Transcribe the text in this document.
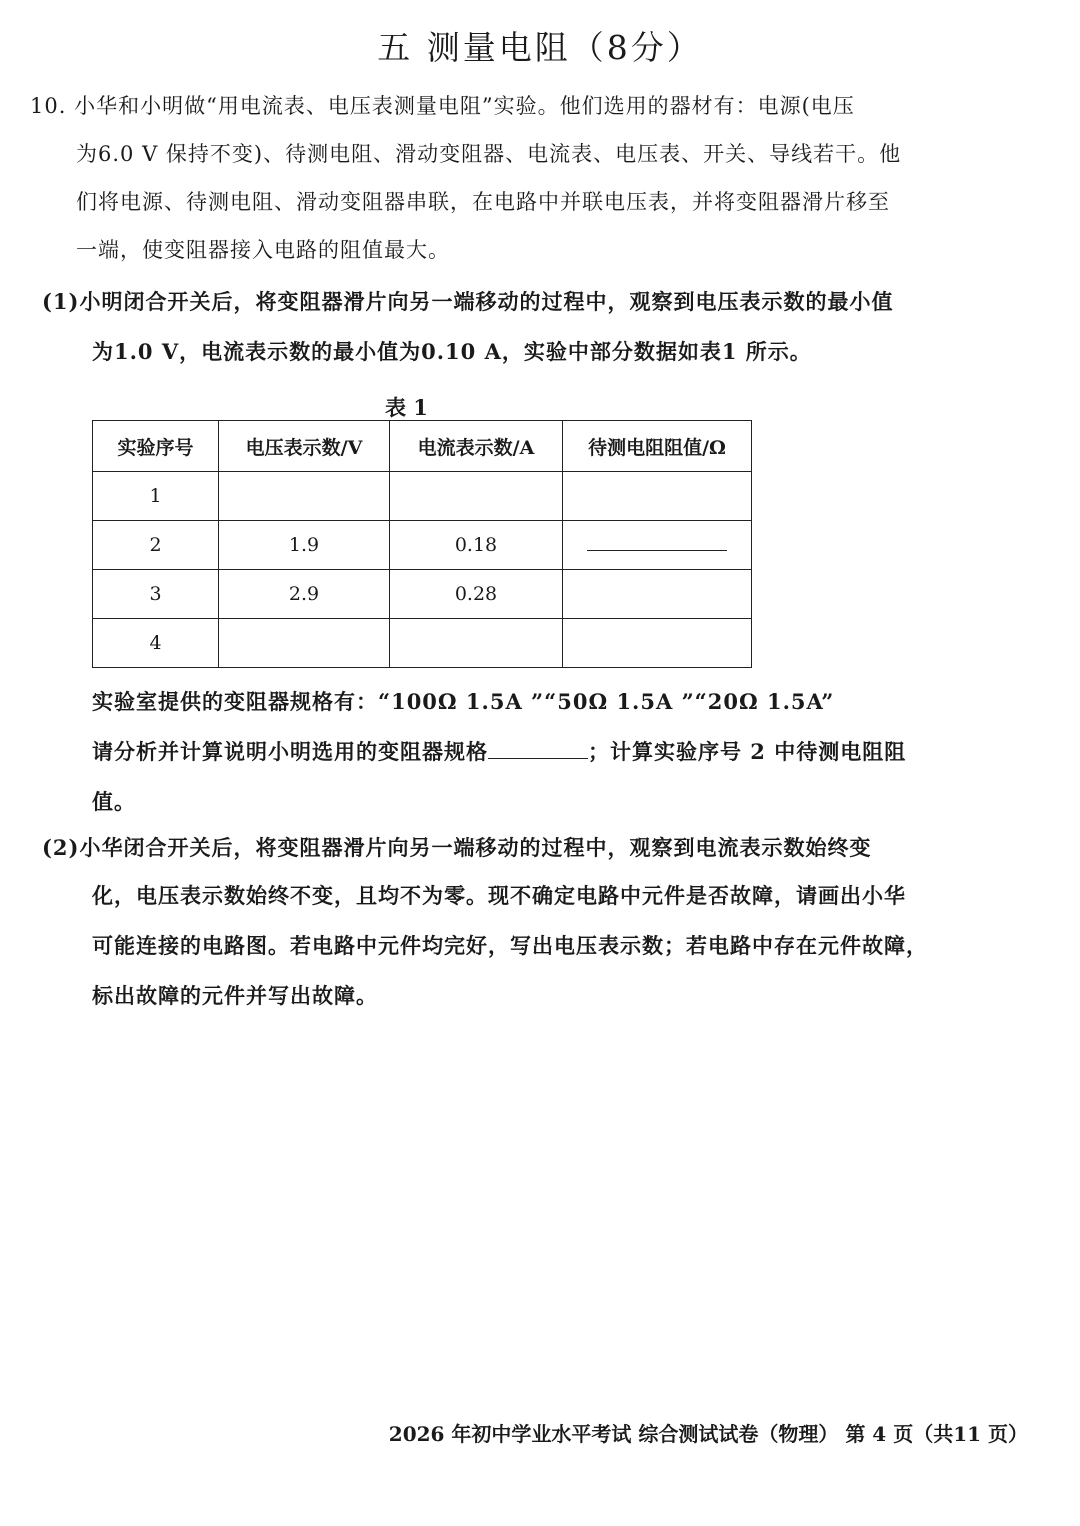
五 测量电阻（8分）
10. 小华和小明做“用电流表、电压表测量电阻”实验。他们选用的器材有：电源(电压
为6.0 V 保持不变)、待测电阻、滑动变阻器、电流表、电压表、开关、导线若干。他
们将电源、待测电阻、滑动变阻器串联，在电路中并联电压表，并将变阻器滑片移至
一端，使变阻器接入电路的阻值最大。
(1)小明闭合开关后，将变阻器滑片向另一端移动的过程中，观察到电压表示数的最小值
为1.0 V，电流表示数的最小值为0.10 A，实验中部分数据如表1 所示。
表 1
实验序号	电压表示数/V	电流表示数/A	待测电阻阻值/Ω
1			
2	1.9	0.18	
3	2.9	0.28	
4			
实验室提供的变阻器规格有：“100Ω 1.5A ”“50Ω 1.5A ”“20Ω 1.5A”
请分析并计算说明小明选用的变阻器规格	；计算实验序号 2 中待测电阻阻
值。
(2)小华闭合开关后，将变阻器滑片向另一端移动的过程中，观察到电流表示数始终变
化，电压表示数始终不变，且均不为零。现不确定电路中元件是否故障，请画出小华
可能连接的电路图。若电路中元件均完好，写出电压表示数；若电路中存在元件故障，
标出故障的元件并写出故障。
2026 年初中学业水平考试 综合测试试卷（物理） 第 4 页（共11 页）
